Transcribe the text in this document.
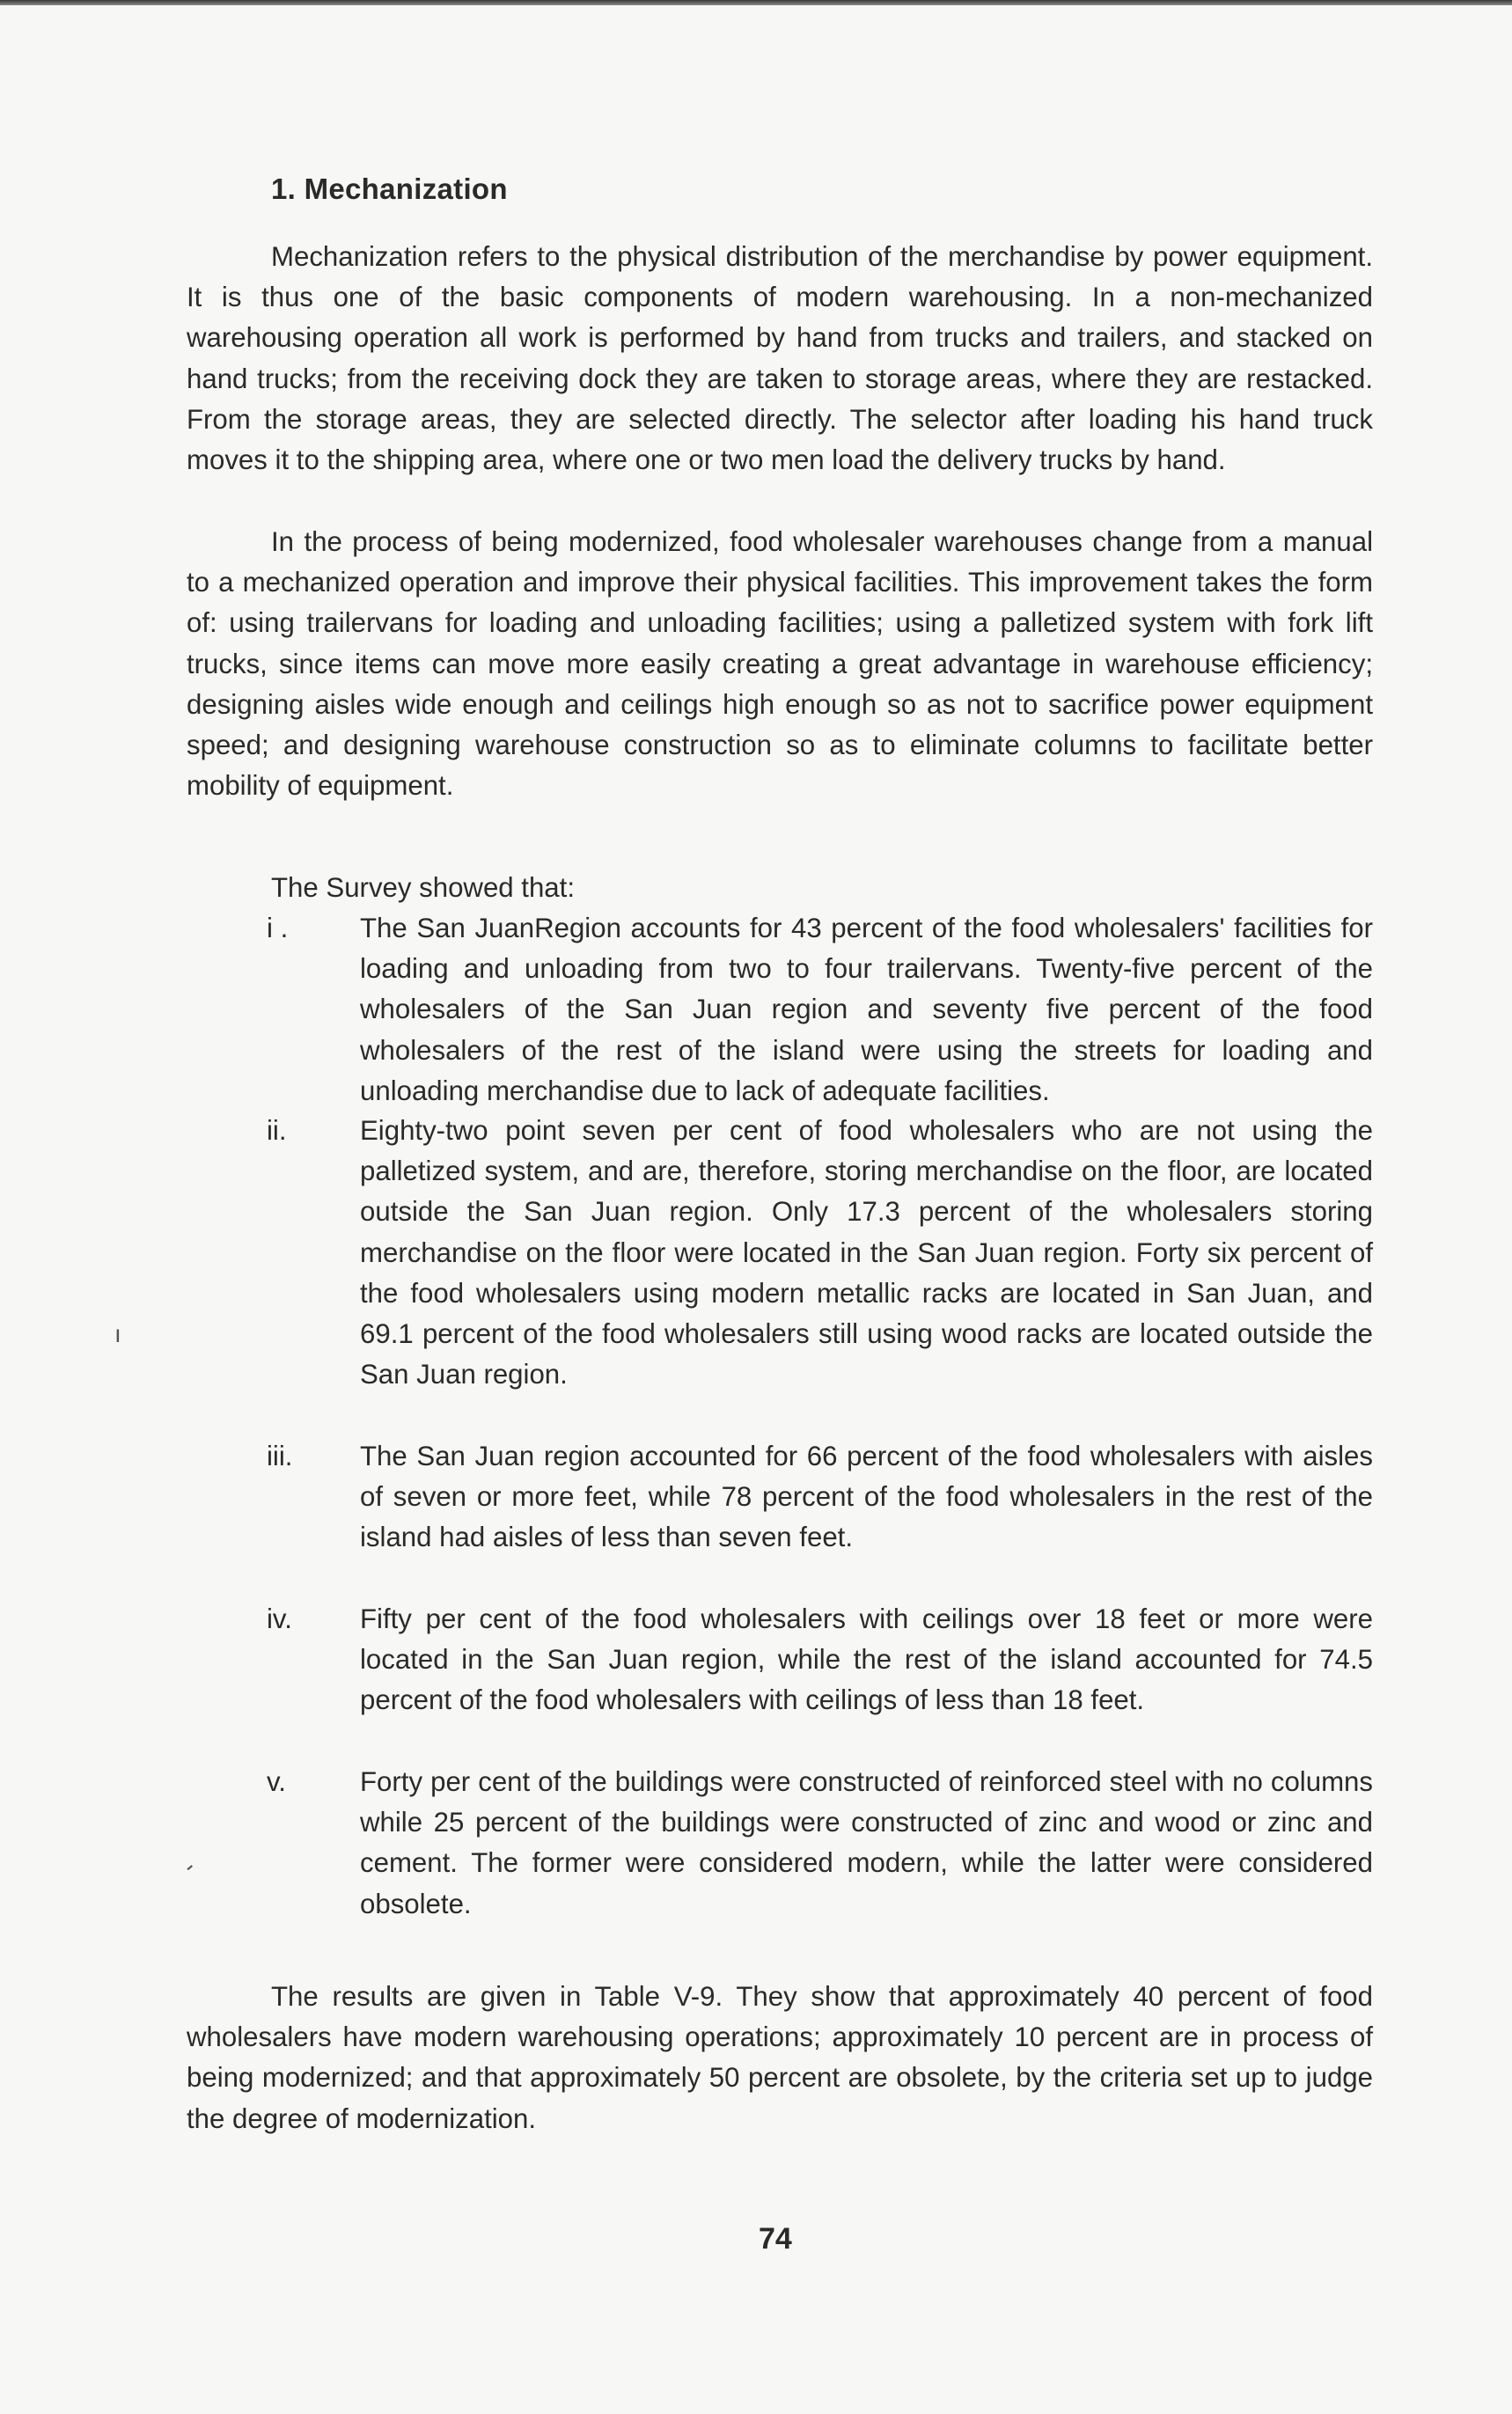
1. Mechanization

Mechanization refers to the physical distribution of the merchandise by power equipment. It is thus one of the basic components of modern warehousing. In a non-mechanized warehousing operation all work is performed by hand from trucks and trailers, and stacked on hand trucks; from the receiving dock they are taken to storage areas, where they are restacked. From the storage areas, they are selected directly. The selector after loading his hand truck moves it to the shipping area, where one or two men load the delivery trucks by hand.

In the process of being modernized, food wholesaler warehouses change from a manual to a mechanized operation and improve their physical facilities. This improvement takes the form of: using trailervans for loading and unloading facilities; using a palletized system with fork lift trucks, since items can move more easily creating a great advantage in warehouse efficiency; designing aisles wide enough and ceilings high enough so as not to sacrifice power equipment speed; and designing warehouse construction so as to eliminate columns to facilitate better mobility of equipment.

The Survey showed that:
i .	The San JuanRegion accounts for 43 percent of the food wholesalers' facilities for loading and unloading from two to four trailervans. Twenty-five percent of the wholesalers of the San Juan region and seventy five percent of the food wholesalers of the rest of the island were using the streets for loading and unloading merchandise due to lack of adequate facilities.
ii.	Eighty-two point seven per cent of food wholesalers who are not using the palletized system, and are, therefore, storing merchandise on the floor, are located outside the San Juan region. Only 17.3 percent of the wholesalers storing merchandise on the floor were located in the San Juan region. Forty six percent of the food wholesalers using modern metallic racks are located in San Juan, and 69.1 percent of the food wholesalers still using wood racks are located outside the San Juan region.
iii. The San Juan region accounted for 66 percent of the food wholesalers with aisles of seven or more feet, while 78 percent of the food wholesalers in the rest of the island had aisles of less than seven feet.
iv. Fifty per cent of the food wholesalers with ceilings over 18 feet or more were located in the San Juan region, while the rest of the island accounted for 74.5 percent of the food wholesalers with ceilings of less than 18 feet.
v.	Forty per cent of the buildings were constructed of reinforced steel with no columns while 25 percent of the buildings were constructed of zinc and wood or zinc and cement. The former were considered modern, while the latter were considered obsolete.

The results are given in Table V-9. They show that approximately 40 percent of food wholesalers have modern warehousing operations; approximately 10 percent are in process of being modernized; and that approximately 50 percent are obsolete, by the criteria set up to judge the degree of modernization.

74
ı
-
